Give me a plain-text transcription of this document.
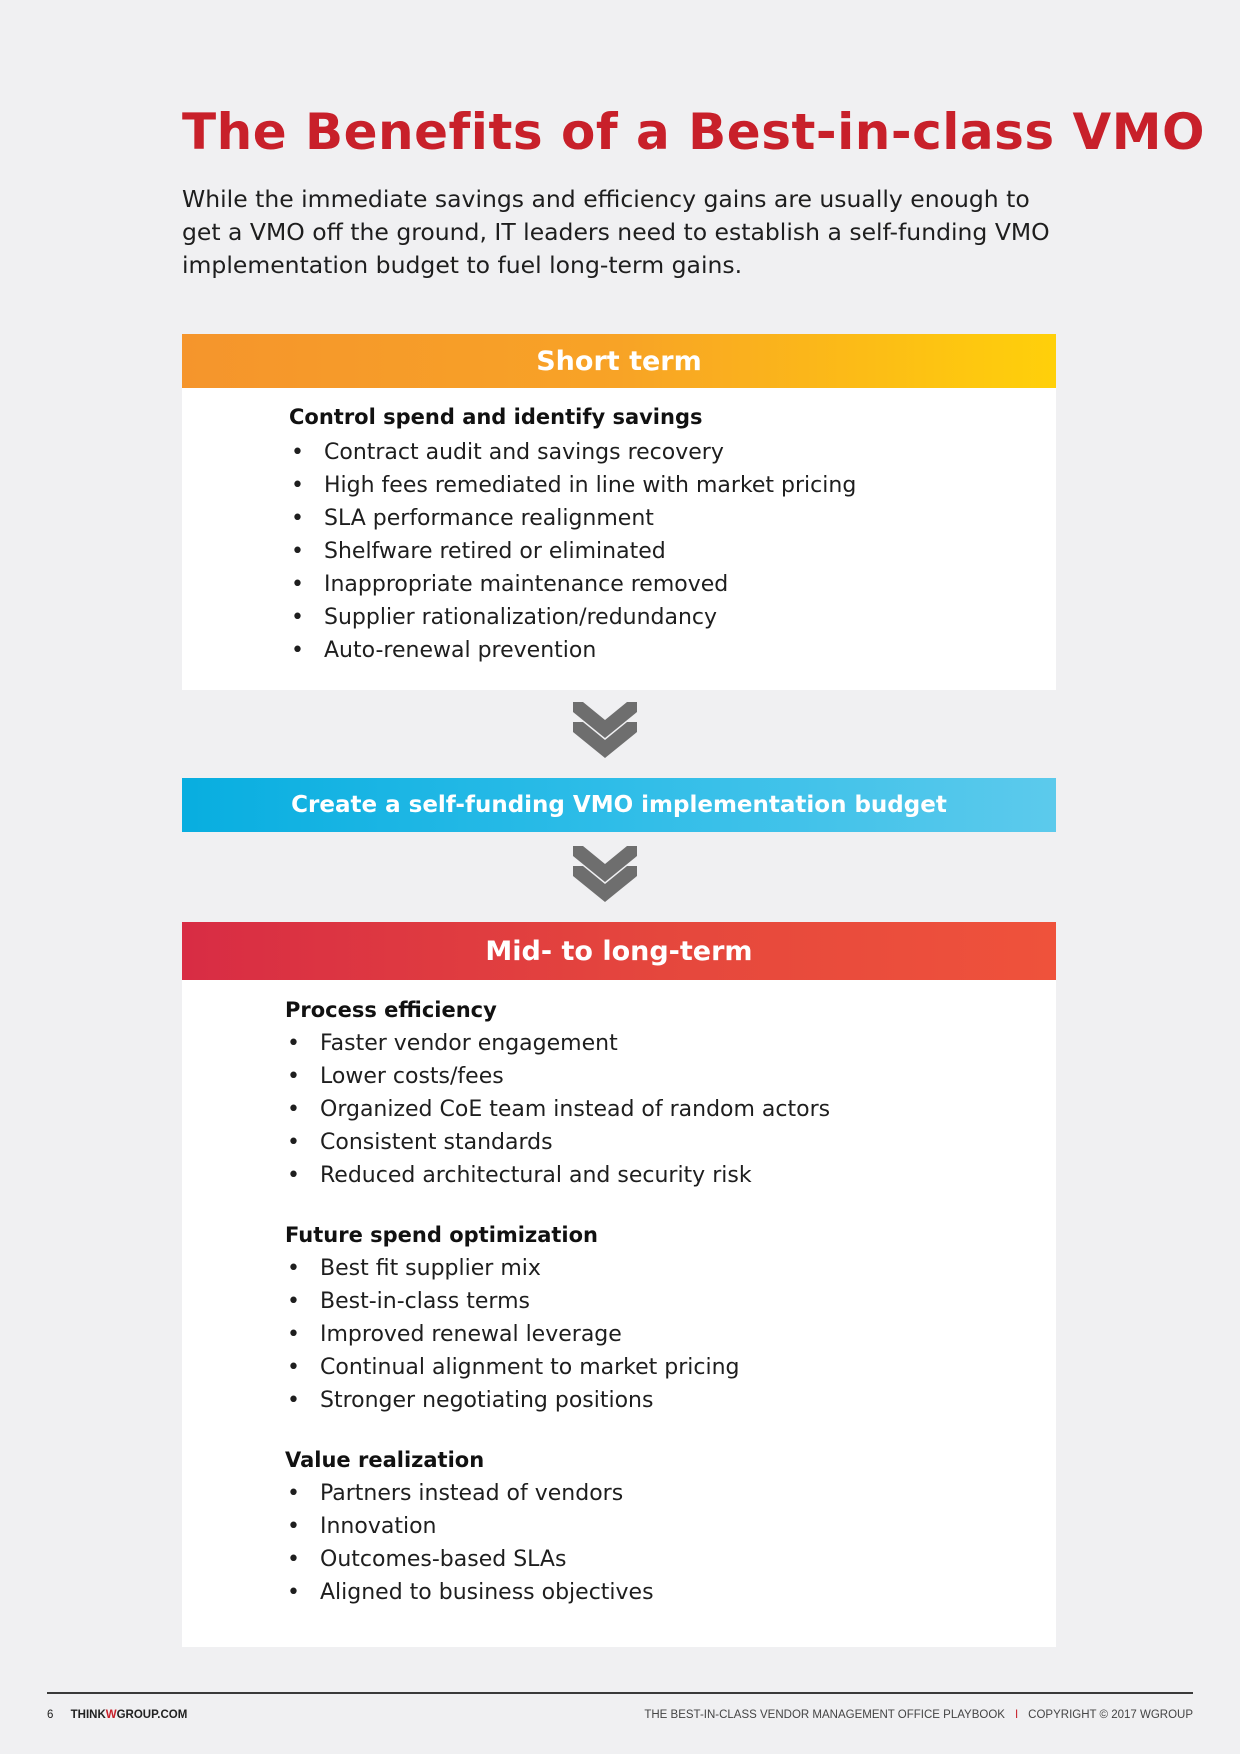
The Benefits of a Best-in-class VMO
While the immediate savings and efficiency gains are usually enough to get a VMO off the ground, IT leaders need to establish a self-funding VMO implementation budget to fuel long-term gains.
Short term
Control spend and identify savings
• Contract audit and savings recovery
• High fees remediated in line with market pricing
• SLA performance realignment
• Shelfware retired or eliminated
• Inappropriate maintenance removed
• Supplier rationalization/redundancy
• Auto-renewal prevention
Create a self-funding VMO implementation budget
Mid- to long-term
Process efficiency
• Faster vendor engagement
• Lower costs/fees
• Organized CoE team instead of random actors
• Consistent standards
• Reduced architectural and security risk
Future spend optimization
• Best fit supplier mix
• Best-in-class terms
• Improved renewal leverage
• Continual alignment to market pricing
• Stronger negotiating positions
Value realization
• Partners instead of vendors
• Innovation
• Outcomes-based SLAs
• Aligned to business objectives
6 THINKWGROUP.COM	THE BEST-IN-CLASS VENDOR MANAGEMENT OFFICE PLAYBOOK I COPYRIGHT © 2017 WGROUP
